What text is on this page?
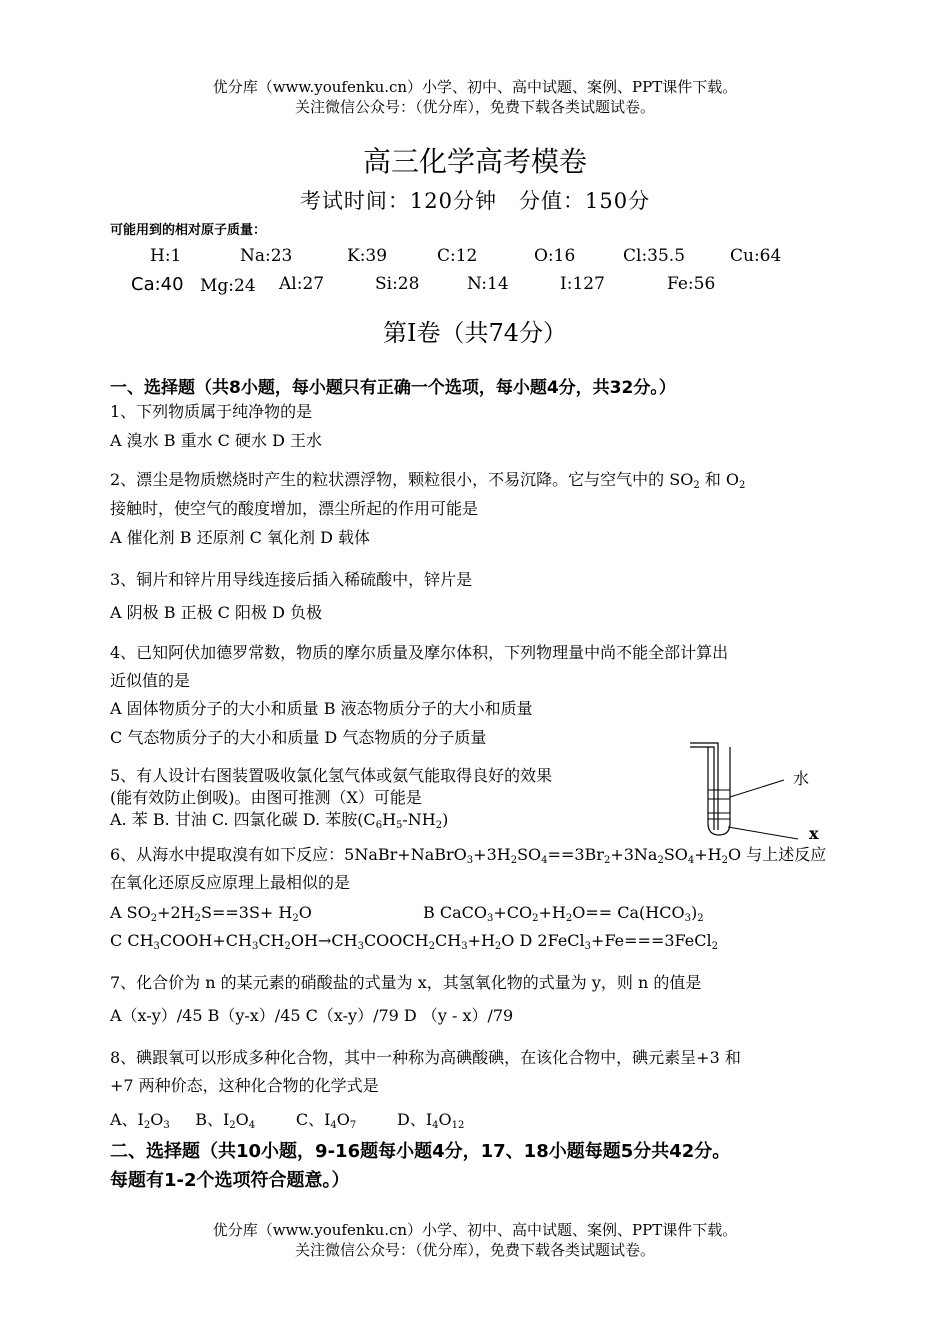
优分库（www.youfenku.cn）小学、初中、高中试题、案例、PPT课件下载。
关注微信公众号：（优分库），免费下载各类试题试卷。
高三化学高考模卷
考试时间：120分钟　分值：150分
可能用到的相对原子质量：
H:1	Na:23	K:39	C:12	O:16	Cl:35.5	Cu:64
Ca:40 Mg:24 Al:27	Si:28	N:14	I:127	Fe:56
第Ⅰ卷（共74分）
一、选择题（共8小题，每小题只有正确一个选项，每小题4分，共32分。）
1、下列物质属于纯净物的是
A 溴水 B 重水 C 硬水 D 王水
2、漂尘是物质燃烧时产生的粒状漂浮物，颗粒很小，不易沉降。它与空气中的 $SO_2$ 和 $O_2$
接触时，使空气的酸度增加，漂尘所起的作用可能是
A 催化剂 B 还原剂 C 氧化剂 D 载体
3、铜片和锌片用导线连接后插入稀硫酸中，锌片是
A 阴极 B 正极 C 阳极 D 负极
4、已知阿伏加德罗常数，物质的摩尔质量及摩尔体积，下列物理量中尚不能全部计算出
近似值的是
A 固体物质分子的大小和质量 B 液态物质分子的大小和质量
C 气态物质分子的大小和质量 D 气态物质的分子质量
5、有人设计右图装置吸收氯化氢气体或氨气能取得良好的效果
(能有效防止倒吸)。由图可推测（X）可能是
A. 苯 B. 甘油 C. 四氯化碳 D. 苯胺$(C_6H_5-NH_2)$
水
x
6、从海水中提取溴有如下反应：$5NaBr+NaBrO_3+3H_2SO_4==3Br_2+3Na_2SO_4+H_2O$ 与上述反应
在氧化还原反应原理上最相似的是
A $SO_2+2H_2S==3S+ H_2O$	B $CaCO_3+CO_2+H_2O== Ca(HCO_3)_2$
C $CH_3COOH+CH_3CH_2OH\to CH_3COOCH_2CH_3+H_2O$ D 2FeCl$_3$+Fe===3FeCl$_2$
7、化合价为 n 的某元素的硝酸盐的式量为 x，其氢氧化物的式量为 y，则 n 的值是
A（x-y）/45 B（y-x）/45 C（x-y）/79 D （y - x）/79
8、碘跟氧可以形成多种化合物，其中一种称为高碘酸碘，在该化合物中，碘元素呈+3 和
+7 两种价态，这种化合物的化学式是
A、$I_2O_3$     B、$I_2O_4$        C、$I_4O_7$        D、$I_4O_{12}$
二、选择题（共10小题，9-16题每小题4分，17、18小题每题5分共42分。
每题有1-2个选项符合题意。）
优分库（www.youfenku.cn）小学、初中、高中试题、案例、PPT课件下载。
关注微信公众号：（优分库），免费下载各类试题试卷。
